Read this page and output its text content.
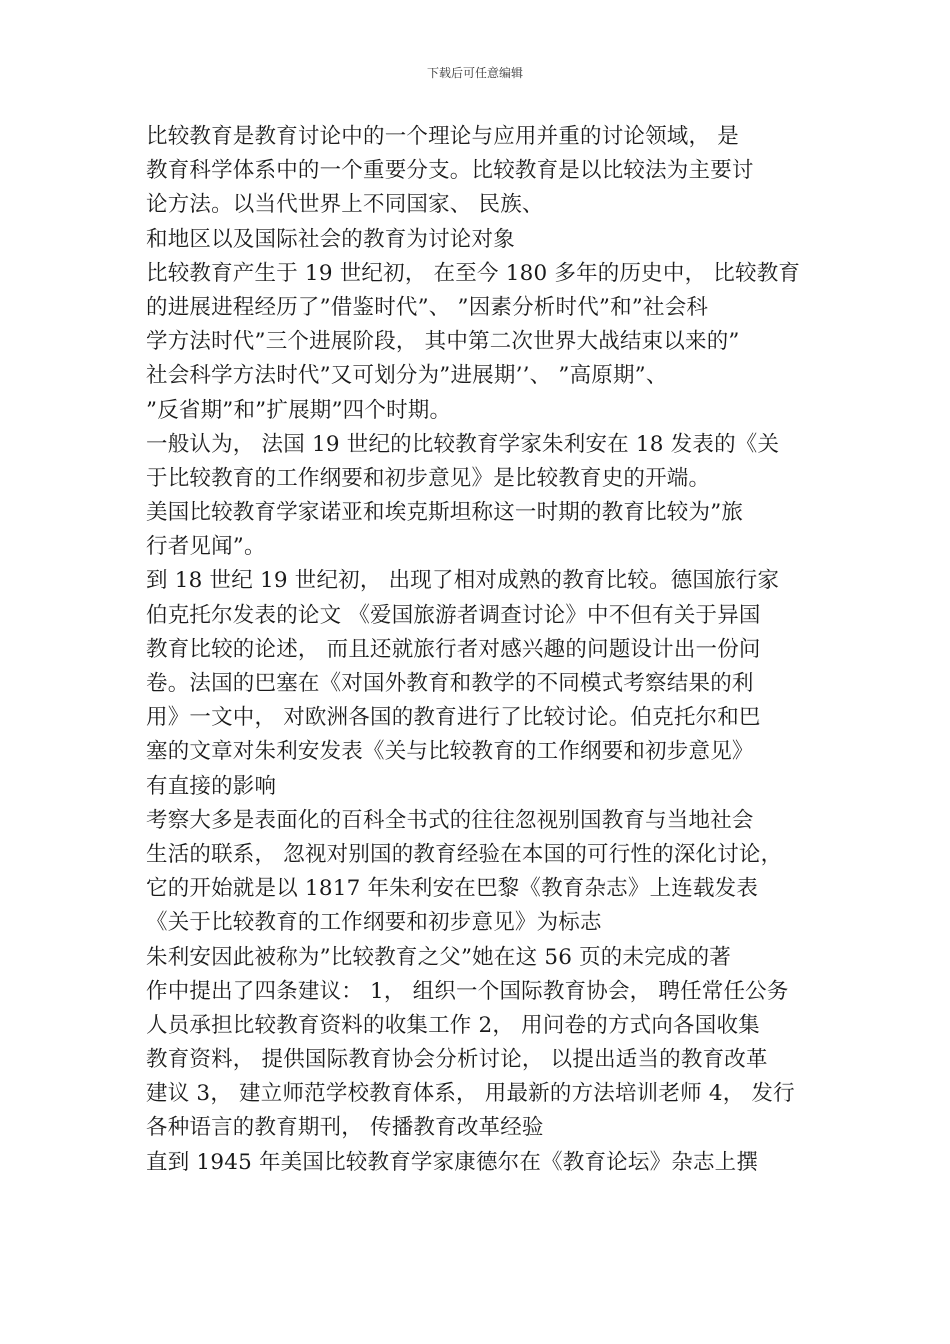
下载后可任意编辑
比较教育是教育讨论中的一个理论与应用并重的讨论领域， 是
教育科学体系中的一个重要分支。比较教育是以比较法为主要讨
论方法。以当代世界上不同国家、 民族、
和地区以及国际社会的教育为讨论对象
比较教育产生于 19 世纪初， 在至今 180 多年的历史中， 比较教育
的进展进程经历了”借鉴时代”、 ”因素分析时代”和”社会科
学方法时代”三个进展阶段， 其中第二次世界大战结束以来的”
社会科学方法时代”又可划分为”进展期’’、 ”高原期”、
”反省期”和”扩展期”四个时期。
一般认为， 法国 19 世纪的比较教育学家朱利安在 18 发表的《关
于比较教育的工作纲要和初步意见》是比较教育史的开端。
美国比较教育学家诺亚和埃克斯坦称这一时期的教育比较为”旅
行者见闻”。
到 18 世纪 19 世纪初， 出现了相对成熟的教育比较。德国旅行家
伯克托尔发表的论文 《爱国旅游者调查讨论》中不但有关于异国
教育比较的论述， 而且还就旅行者对感兴趣的问题设计出一份问
卷。法国的巴塞在《对国外教育和教学的不同模式考察结果的利
用》一文中， 对欧洲各国的教育进行了比较讨论。伯克托尔和巴
塞的文章对朱利安发表《关与比较教育的工作纲要和初步意见》
有直接的影响
考察大多是表面化的百科全书式的往往忽视别国教育与当地社会
生活的联系， 忽视对别国的教育经验在本国的可行性的深化讨论，
它的开始就是以 1817 年朱利安在巴黎《教育杂志》上连载发表
《关于比较教育的工作纲要和初步意见》为标志
朱利安因此被称为”比较教育之父”她在这 56 页的未完成的著
作中提出了四条建议： 1， 组织一个国际教育协会， 聘任常任公务
人员承担比较教育资料的收集工作 2， 用问卷的方式向各国收集
教育资料， 提供国际教育协会分析讨论， 以提出适当的教育改革
建议 3， 建立师范学校教育体系， 用最新的方法培训老师 4， 发行
各种语言的教育期刊， 传播教育改革经验
直到 1945 年美国比较教育学家康德尔在《教育论坛》杂志上撰
